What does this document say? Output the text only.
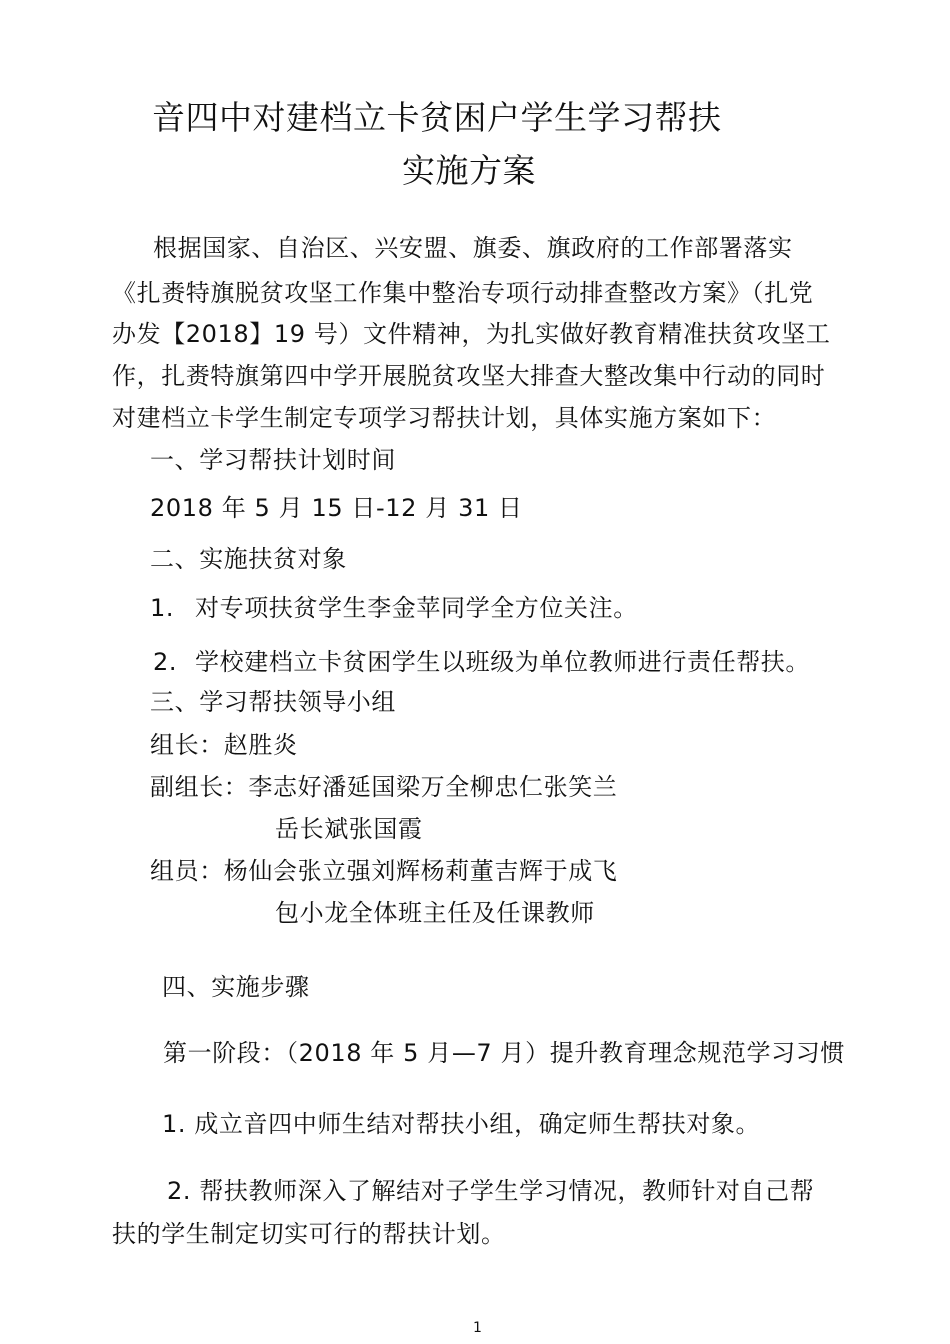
音四中对建档立卡贫困户学生学习帮扶
实施方案
根据国家、自治区、兴安盟、旗委、旗政府的工作部署落实
《扎赉特旗脱贫攻坚工作集中整治专项行动排查整改方案》（扎党
办发【2018】19 号）文件精神，为扎实做好教育精准扶贫攻坚工
作，扎赉特旗第四中学开展脱贫攻坚大排查大整改集中行动的同时
对建档立卡学生制定专项学习帮扶计划，具体实施方案如下：
一、学习帮扶计划时间
2018 年 5 月 15 日-12 月 31 日
二、实施扶贫对象
1. 对专项扶贫学生李金苹同学全方位关注。
2. 学校建档立卡贫困学生以班级为单位教师进行责任帮扶。
三、学习帮扶领导小组
组长：赵胜炎
副组长：李志好潘延国梁万全柳忠仁张笑兰
岳长斌张国霞
组员：杨仙会张立强刘辉杨莉董吉辉于成飞
包小龙全体班主任及任课教师
四、实施步骤
第一阶段：（2018 年 5 月—7 月）提升教育理念规范学习习惯
1. 成立音四中师生结对帮扶小组，确定师生帮扶对象。
2. 帮扶教师深入了解结对子学生学习情况，教师针对自己帮
扶的学生制定切实可行的帮扶计划。
1
